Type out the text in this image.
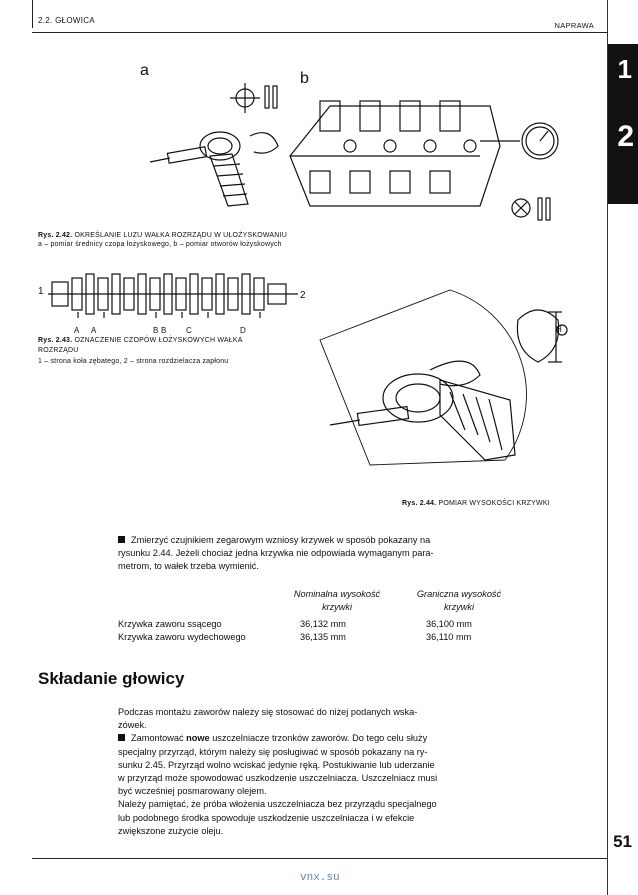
2.2. GŁOWICA
NAPRAWA
1
2
a	b
Rys. 2.42. OKREŚLANIE LUZU WAŁKA ROZRZĄDU W UŁOŻYSKOWANIU
a – pomiar średnicy czopa łożyskowego, b – pomiar otworów łożyskowych
1	2
A A	B B C	D
Rys. 2.43. OZNACZENIE CZOPÓW ŁOŻYSKOWYCH WAŁKA
ROZRZĄDU
1 – strona koła zębatego, 2 – strona rozdzielacza zapłonu
H
Rys. 2.44. POMIAR WYSOKOŚCI KRZYWKI
Zmierzyć czujnikiem zegarowym wzniosy krzywek w sposób pokazany na
rysunku 2.44. Jeżeli chociaż jedna krzywka nie odpowiada wymaganym para-
metrom, to wałek trzeba wymienić.
Nominalna wysokość
krzywki
Graniczna wysokość
krzywki
Krzywka zaworu ssącego	36,132 mm	36,100 mm
Krzywka zaworu wydechowego	36,135 mm	36,110 mm
Składanie głowicy
Podczas montażu zaworów należy się stosować do niżej podanych wska-
zówek.
Zamontować nowe uszczelniacze trzonków zaworów. Do tego celu służy
specjalny przyrząd, którym należy się posługiwać w sposób pokazany na ry-
sunku 2.45. Przyrząd wolno wciskać jedynie ręką. Postukiwanie lub uderzanie
w przyrząd może spowodować uszkodzenie uszczelniacza. Uszczelniacz musi
być wcześniej posmarowany olejem.
Należy pamiętać, że próba włożenia uszczelniacza bez przyrządu specjalnego
lub podobnego środka spowoduje uszkodzenie uszczelniacza i w efekcie
zwiększone zużycie oleju.
51
vnx.su
